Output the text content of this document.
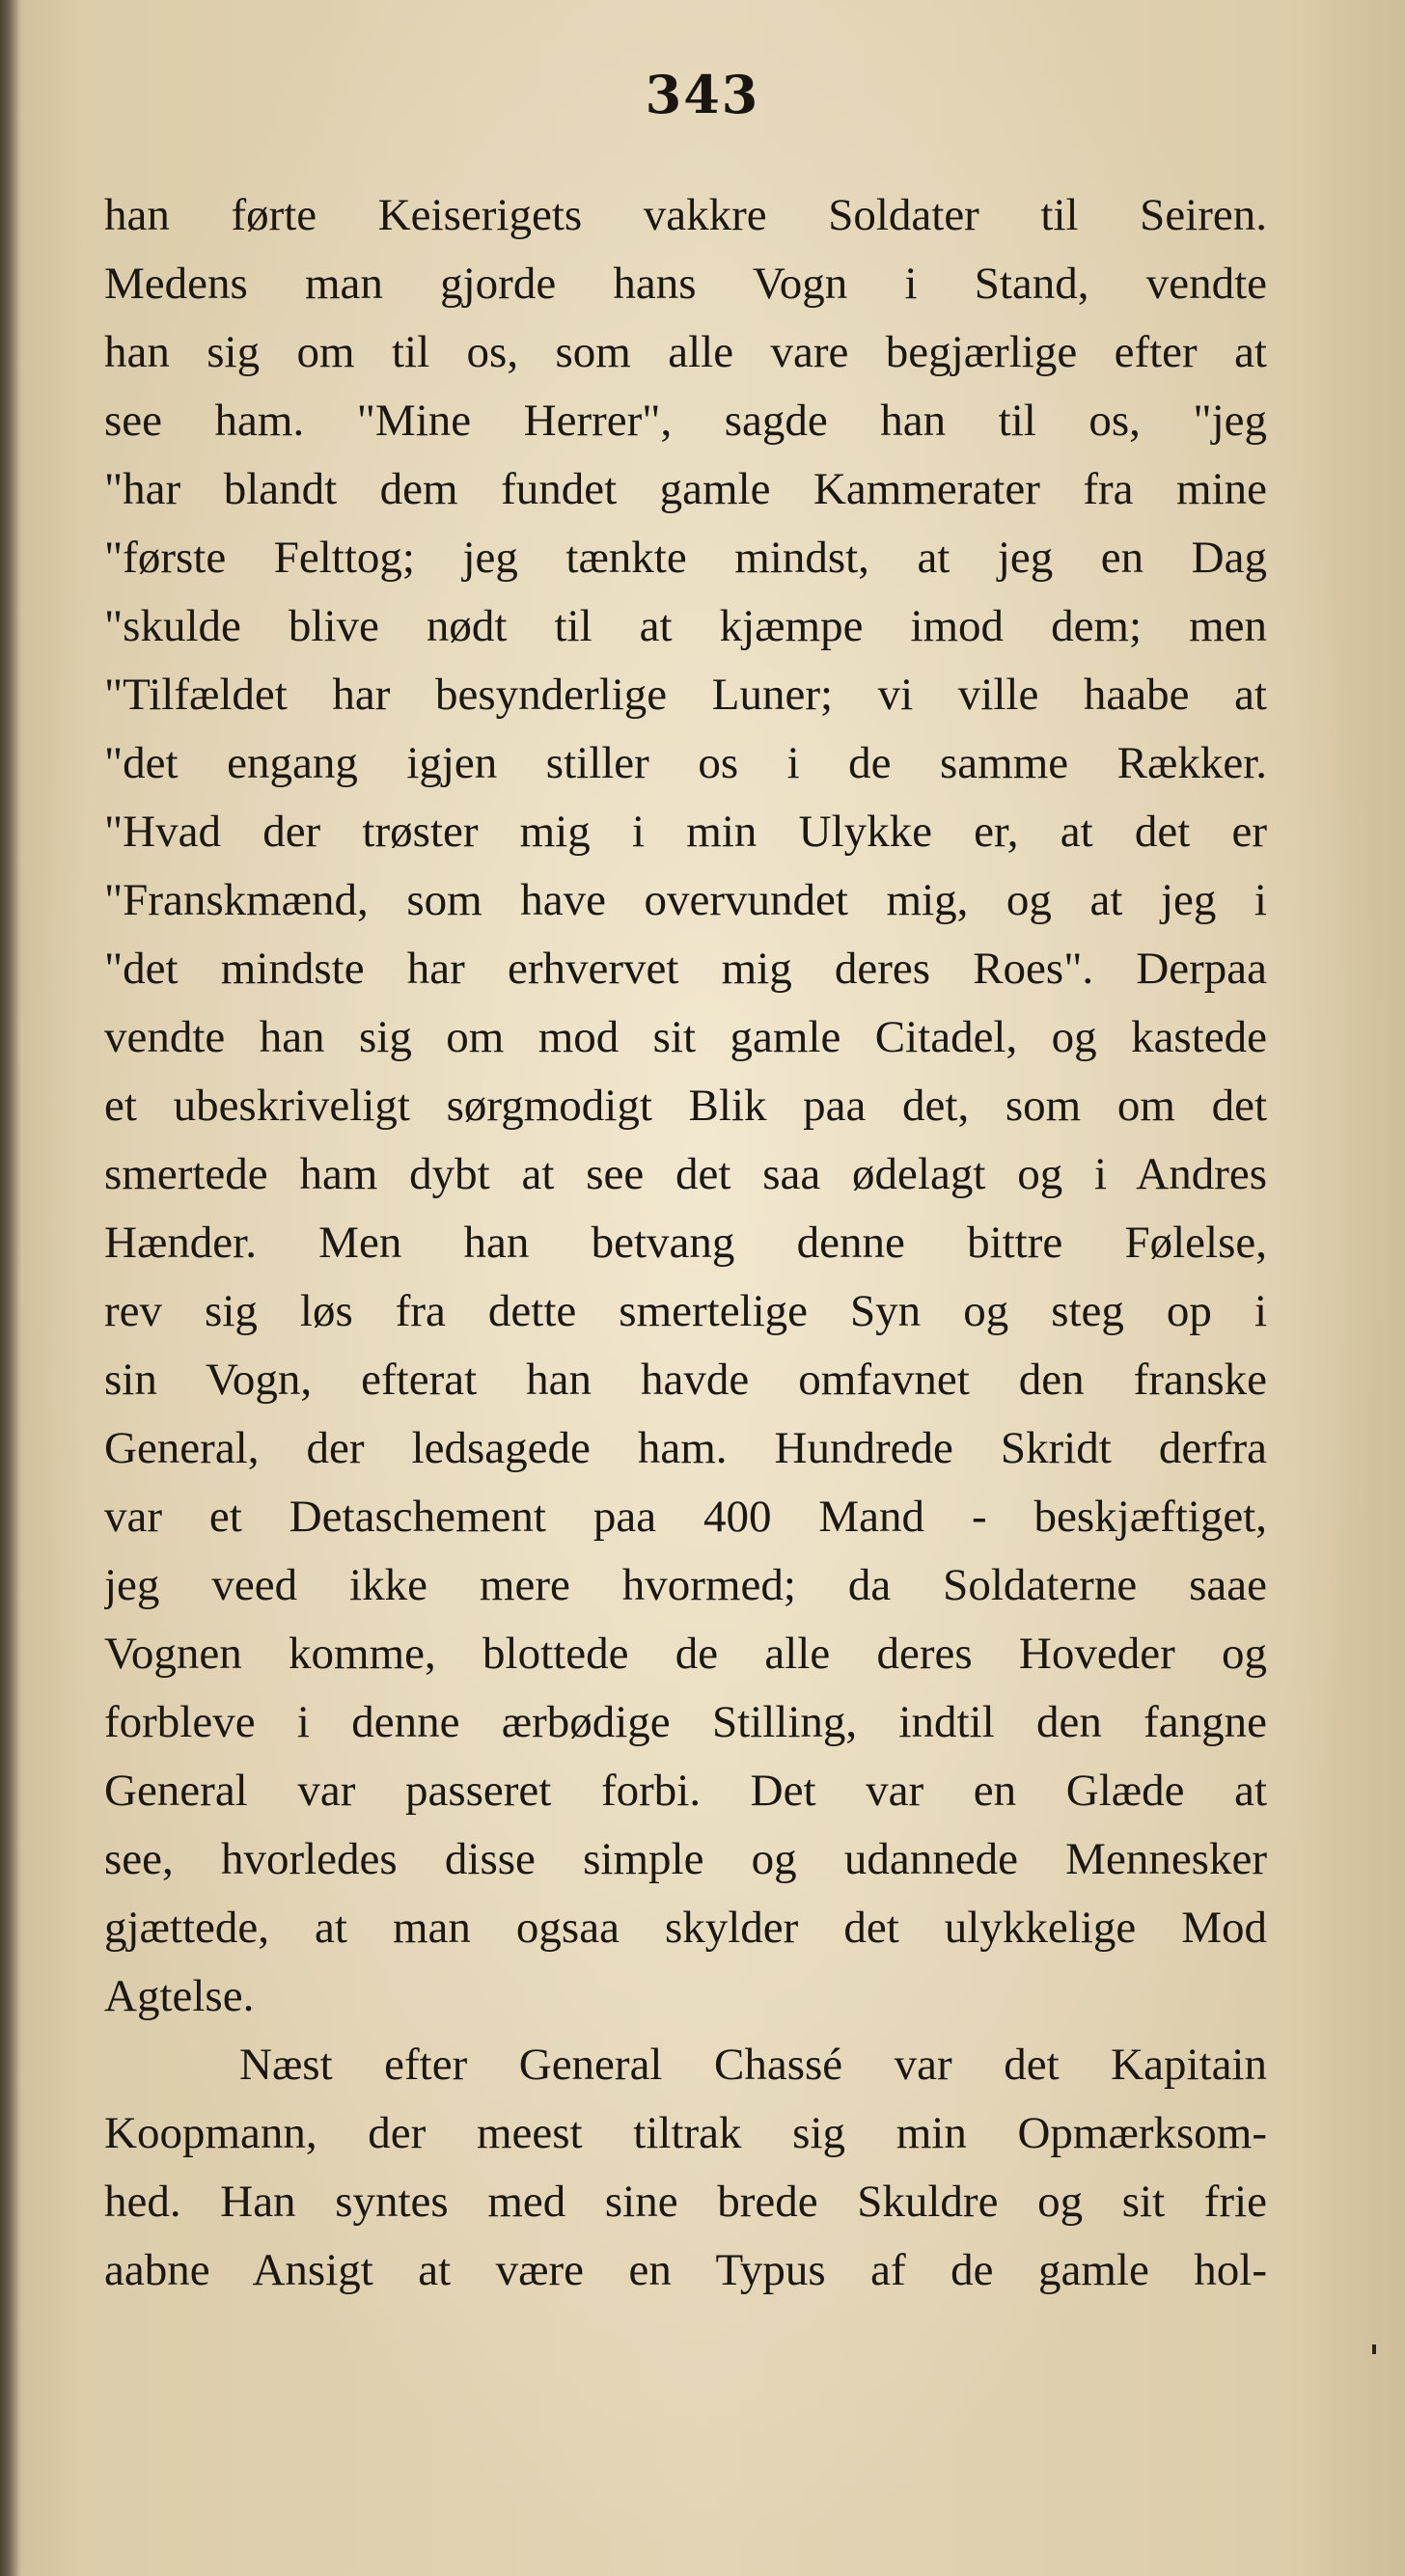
343
han førte Keiserigets vakkre Soldater til Seiren.
Medens man gjorde hans Vogn i Stand, vendte
han sig om til os, som alle vare begjærlige efter at
see ham. "Mine Herrer", sagde han til os, "jeg
"har blandt dem fundet gamle Kammerater fra mine
"første Felttog; jeg tænkte mindst, at jeg en Dag
"skulde blive nødt til at kjæmpe imod dem; men
"Tilfældet har besynderlige Luner; vi ville haabe at
"det engang igjen stiller os i de samme Rækker.
"Hvad der trøster mig i min Ulykke er, at det er
"Franskmænd, som have overvundet mig, og at jeg i
"det mindste har erhvervet mig deres Roes". Derpaa
vendte han sig om mod sit gamle Citadel, og kastede
et ubeskriveligt sørgmodigt Blik paa det, som om det
smertede ham dybt at see det saa ødelagt og i Andres
Hænder. Men han betvang denne bittre Følelse,
rev sig løs fra dette smertelige Syn og steg op i
sin Vogn, efterat han havde omfavnet den franske
General, der ledsagede ham. Hundrede Skridt derfra
var et Detaschement paa 400 Mand - beskjæftiget,
jeg veed ikke mere hvormed; da Soldaterne saae
Vognen komme, blottede de alle deres Hoveder og
forbleve i denne ærbødige Stilling, indtil den fangne
General var passeret forbi. Det var en Glæde at
see, hvorledes disse simple og udannede Mennesker
gjættede, at man ogsaa skylder det ulykkelige Mod
Agtelse.
Næst efter General Chassé var det Kapitain
Koopmann, der meest tiltrak sig min Opmærksom-
hed. Han syntes med sine brede Skuldre og sit frie
aabne Ansigt at være en Typus af de gamle hol-
